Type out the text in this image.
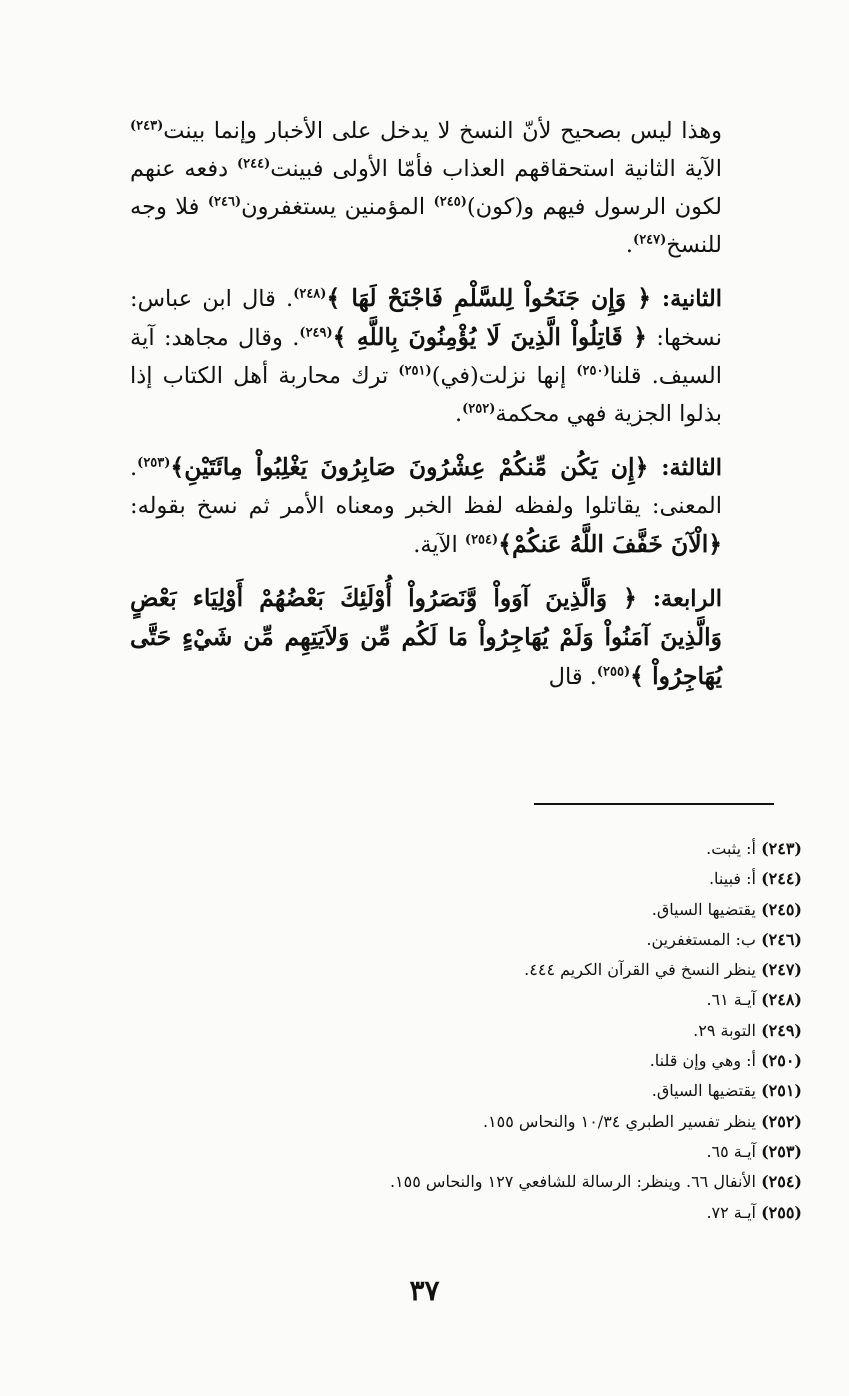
وهذا ليس بصحيح لأنّ النسخ لا يدخل على الأخبار وإنما بينت$^{(٢٤٣)}$ الآية الثانية استحقاقهم العذاب فأمّا الأولى فبينت$^{(٢٤٤)}$ دفعه عنهم لكون الرسول فيهم و(كون)$^{(٢٤٥)}$ المؤمنين يستغفرون$^{(٢٤٦)}$ فلا وجه للنسخ$^{(٢٤٧)}$.

الثانية: ﴿ وَإِن جَنَحُواْ لِلسَّلْمِ فَاجْنَحْ لَهَا ﴾$^{(٢٤٨)}$. قال ابن عباس: نسخها: ﴿ قَاتِلُواْ الَّذِينَ لَا يُؤْمِنُونَ بِاللَّهِ ﴾$^{(٢٤٩)}$. وقال مجاهد: آية السيف. قلنا$^{(٢٥٠)}$ إنها نزلت(في)$^{(٢٥١)}$ ترك محاربة أهل الكتاب إذا بذلوا الجزية فهي محكمة$^{(٢٥٢)}$.

الثالثة: ﴿إِن يَكُن مِّنكُمْ عِشْرُونَ صَابِرُونَ يَغْلِبُواْ مِائَتَيْنِ﴾$^{(٢٥٣)}$. المعنى: يقاتلوا ولفظه لفظ الخبر ومعناه الأمر ثم نسخ بقوله: ﴿الْآنَ خَفَّفَ اللَّهُ عَنكُمْ﴾$^{(٢٥٤)}$ الآية.

الرابعة: ﴿ وَالَّذِينَ آوَواْ وَّنَصَرُواْ أُوْلَئِكَ بَعْضُهُمْ أَوْلِيَاء بَعْضٍ وَالَّذِينَ آمَنُواْ وَلَمْ يُهَاجِرُواْ مَا لَكُم مِّن وَلاَيَتِهِم مِّن شَيْءٍ حَتَّى يُهَاجِرُواْ ﴾$^{(٢٥٥)}$. قال

(٢٤٣) أ: يثبت.
(٢٤٤) أ: فبينا.
(٢٤٥) يقتضيها السياق.
(٢٤٦) ب: المستغفرين.
(٢٤٧) ينظر النسخ في القرآن الكريم ٤٤٤.
(٢٤٨) آيـة ٦١.
(٢٤٩) التوبة ٢٩.
(٢٥٠) أ: وهي وإن قلنا.
(٢٥١) يقتضيها السياق.
(٢٥٢) ينظر تفسير الطبري ١٠/٣٤ والنحاس ١٥٥.
(٢٥٣) آيـة ٦٥.
(٢٥٤) الأنفال ٦٦. وينظر: الرسالة للشافعي ١٢٧ والنحاس ١٥٥.
(٢٥٥) آيـة ٧٢.
٣٧
